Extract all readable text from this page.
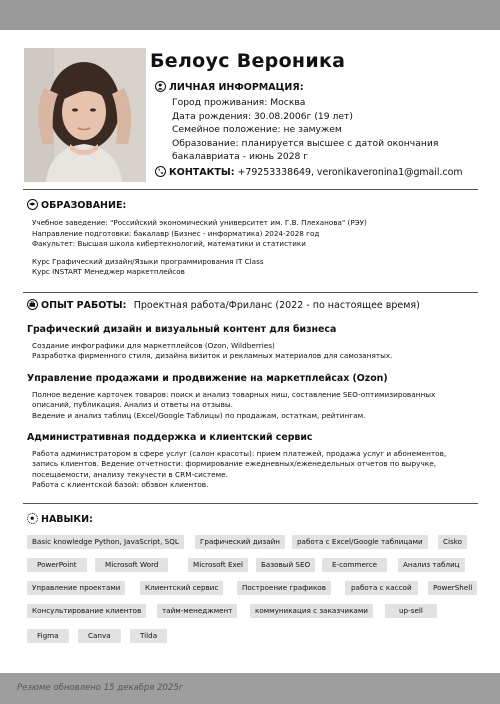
Белоус Вероника
ЛИЧНАЯ ИНФОРМАЦИЯ:
Город проживания: Москва
Дата рождения: 30.08.2006г (19 лет)
Семейное положение: не замужем
Образование: планируется высшее с датой окончания
бакалавриата - июнь 2028 г
КОНТАКТЫ: +79253338649, veronikaveronina1@gmail.com
ОБРАЗОВАНИЕ:
Учебное заведение: "Российский экономический университет им. Г.В. Плеханова" (РЭУ)
Направление подготовки: бакалавр (Бизнес - информатика) 2024-2028 год
Факультет: Высшая школа кибертехнологий, математики и статистики
Курс Графический дизайн/Языки программирования IT Class
Курс INSTART Менеджер маркетплейсов
ОПЫТ РАБОТЫ: Проектная работа/Фриланс (2022 - по настоящее время)
Графический дизайн и визуальный контент для бизнеса
Создание инфографики для маркетплейсов (Ozon, Wildberries)
Разработка фирменного стиля, дизайна визиток и рекламных материалов для самозанятых.
Управление продажами и продвижение на маркетплейсах (Ozon)
Полное ведение карточек товаров: поиск и анализ товарных ниш, составление SEO-оптимизированных
описаний, публикация. Анализ и ответы на отзывы.
Ведение и анализ таблиц (Excel/Google Таблицы) по продажам, остаткам, рейтингам.
Административная поддержка и клиентский сервис
Работа администратором в сфере услуг (салон красоты): прием платежей, продажа услуг и абонементов,
запись клиентов. Ведение отчетности: формирование ежедневных/еженедельных отчетов по выручке,
посещаемости, анализу текучести в CRM-системе.
Работа с клиентской базой: обзвон клиентов.
НАВЫКИ:
Basic knowledge Python, JavaScript, SQL	Графический дизайн	работа с Excel/Google таблицами	Cisko
PowerPoint	Microsoft Word	Microsoft Exel	Базовый SEO	E-commerce	Анализ таблиц
Управление проектами	Клиентский сервис	Построение графиков	работа с кассой	PowerShell
Консультирование клиентов	тайм-менеджмент	коммуникация с заказчиками	up-sell
Figma	Canva	Tilda
Резюме обновлено 15 декабря 2025г
